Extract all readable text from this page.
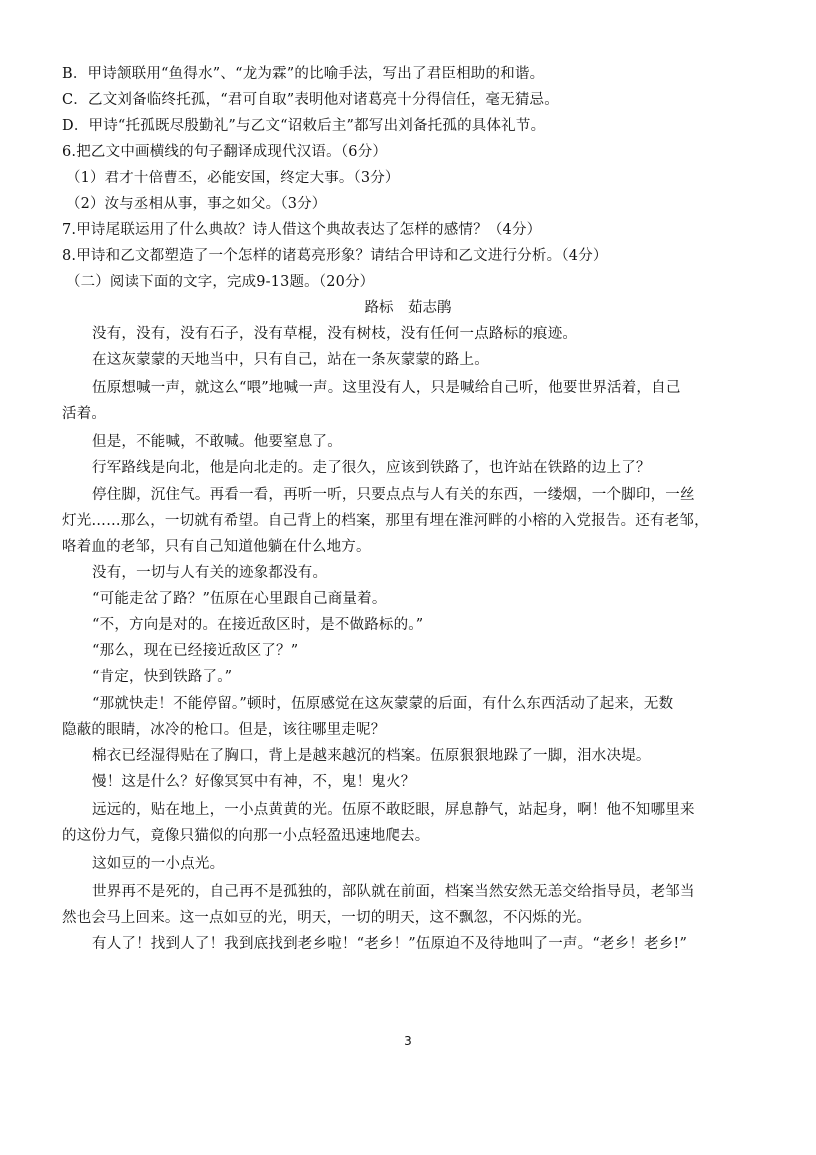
B．甲诗颔联用“鱼得水”、“龙为霖”的比喻手法，写出了君臣相助的和谐。
C．乙文刘备临终托孤，“君可自取”表明他对诸葛亮十分得信任，毫无猜忌。
D．甲诗“托孤既尽殷勤礼”与乙文“诏敕后主”都写出刘备托孤的具体礼节。
6.把乙文中画横线的句子翻译成现代汉语。（6分）
（1）君才十倍曹丕，必能安国，终定大事。（3分）
（2）汝与丞相从事，事之如父。（3分）
7.甲诗尾联运用了什么典故？诗人借这个典故表达了怎样的感情？（4分）
8.甲诗和乙文都塑造了一个怎样的诸葛亮形象？请结合甲诗和乙文进行分析。（4分）
（二）阅读下面的文字，完成9-13题。（20分）
路标　茹志鹃
没有，没有，没有石子，没有草棍，没有树枝，没有任何一点路标的痕迹。
在这灰蒙蒙的天地当中，只有自己，站在一条灰蒙蒙的路上。
伍原想喊一声，就这么“喂”地喊一声。这里没有人，只是喊给自己听，他要世界活着，自己
活着。
但是，不能喊，不敢喊。他要窒息了。
行军路线是向北，他是向北走的。走了很久，应该到铁路了，也许站在铁路的边上了？
停住脚，沉住气。再看一看，再听一听，只要点点与人有关的东西，一缕烟，一个脚印，一丝
灯光……那么，一切就有希望。自己背上的档案，那里有埋在淮河畔的小榕的入党报告。还有老邹，
咯着血的老邹，只有自己知道他躺在什么地方。
没有，一切与人有关的迹象都没有。
“可能走岔了路？”伍原在心里跟自己商量着。
“不，方向是对的。在接近敌区时，是不做路标的。”
“那么，现在已经接近敌区了？”
“肯定，快到铁路了。”
“那就快走！不能停留。”顿时，伍原感觉在这灰蒙蒙的后面，有什么东西活动了起来，无数
隐蔽的眼睛，冰冷的枪口。但是，该往哪里走呢？
棉衣已经湿得贴在了胸口，背上是越来越沉的档案。伍原狠狠地跺了一脚，泪水决堤。
慢！这是什么？好像冥冥中有神，不，鬼！鬼火？
远远的，贴在地上，一小点黄黄的光。伍原不敢眨眼，屏息静气，站起身，啊！他不知哪里来
的这份力气，竟像只猫似的向那一小点轻盈迅速地爬去。
这如豆的一小点光。
世界再不是死的，自己再不是孤独的，部队就在前面，档案当然安然无恙交给指导员，老邹当
然也会马上回来。这一点如豆的光，明天，一切的明天，这不飘忽，不闪烁的光。
有人了！找到人了！我到底找到老乡啦！“老乡！”伍原迫不及待地叫了一声。“老乡！老乡!”
3
